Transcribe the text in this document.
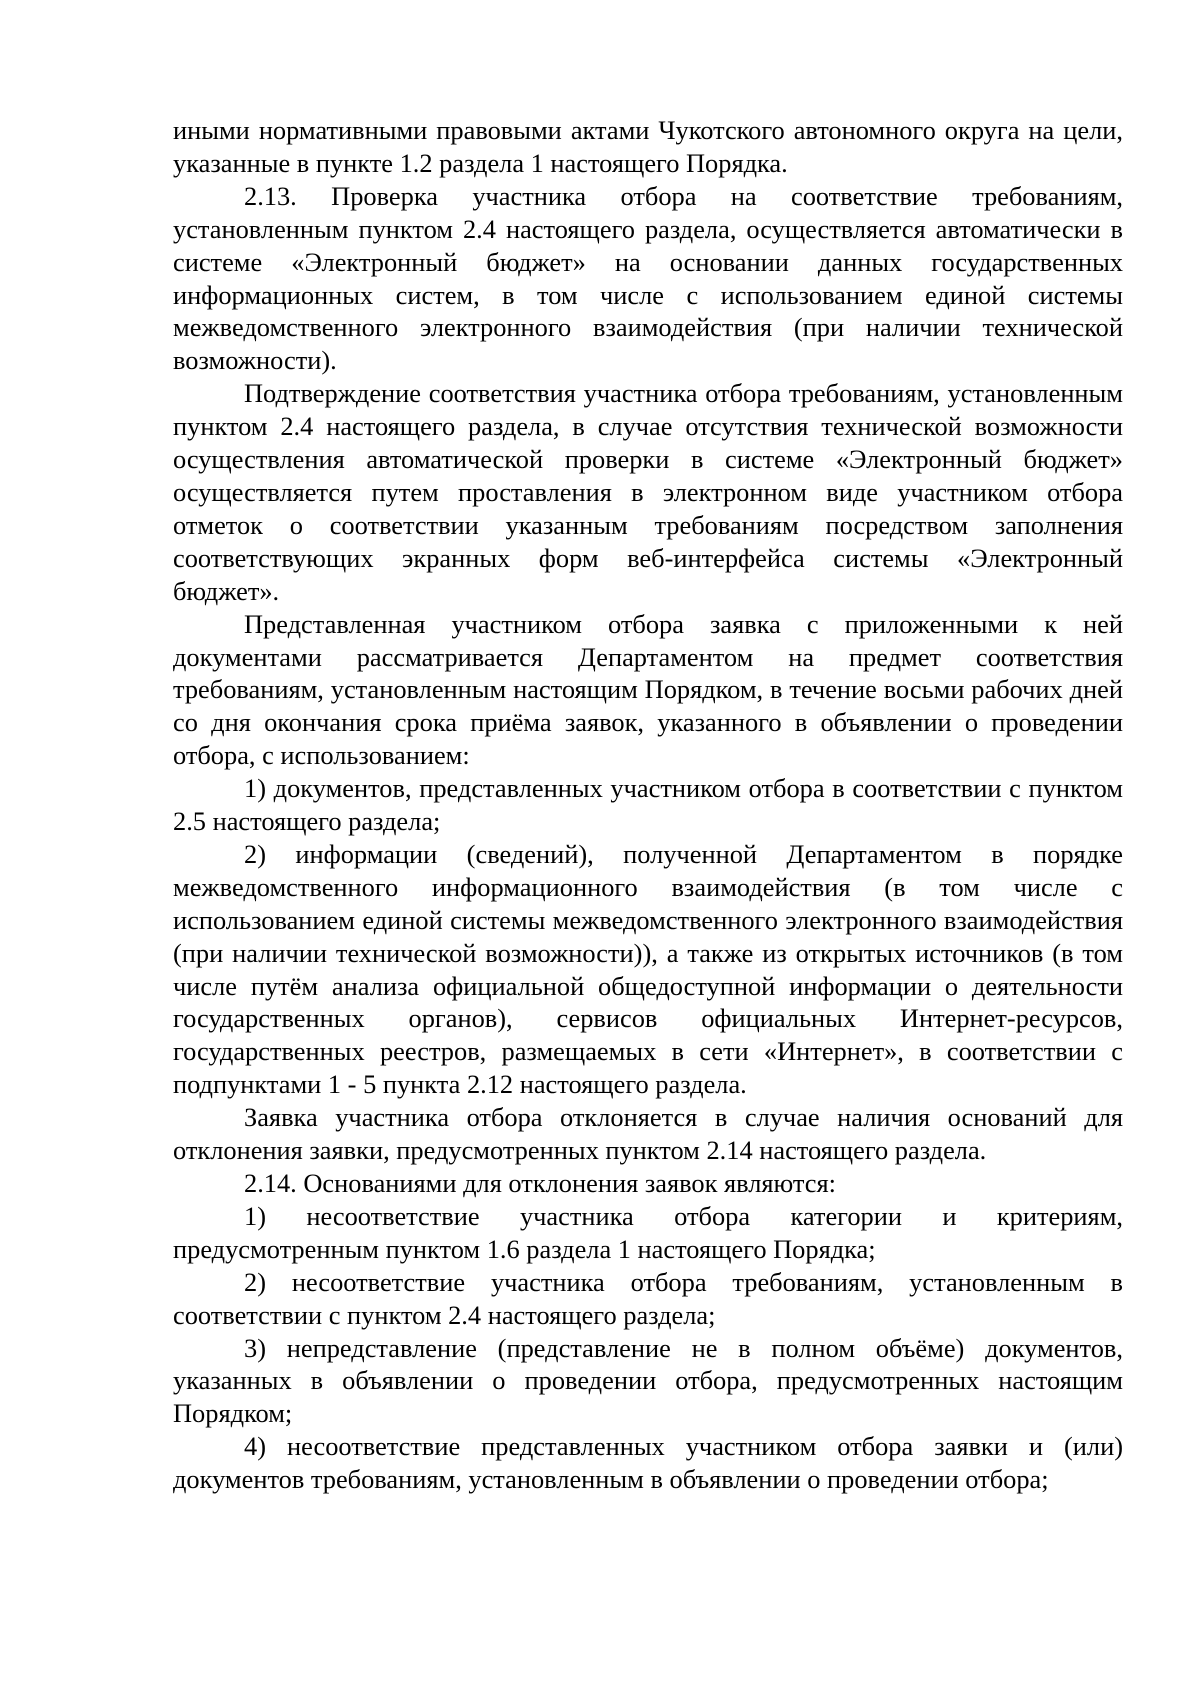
иными нормативными правовыми актами Чукотского автономного округа на цели, указанные в пункте 1.2 раздела 1 настоящего Порядка.

2.13. Проверка участника отбора на соответствие требованиям, установленным пунктом 2.4 настоящего раздела, осуществляется автоматически в системе «Электронный бюджет» на основании данных государственных информационных систем, в том числе с использованием единой системы межведомственного электронного взаимодействия (при наличии технической возможности).

Подтверждение соответствия участника отбора требованиям, установленным пунктом 2.4 настоящего раздела, в случае отсутствия технической возможности осуществления автоматической проверки в системе «Электронный бюджет» осуществляется путем проставления в электронном виде участником отбора отметок о соответствии указанным требованиям посредством заполнения соответствующих экранных форм веб-интерфейса системы «Электронный бюджет».

Представленная участником отбора заявка с приложенными к ней документами рассматривается Департаментом на предмет соответствия требованиям, установленным настоящим Порядком, в течение восьми рабочих дней со дня окончания срока приёма заявок, указанного в объявлении о проведении отбора, с использованием:

1) документов, представленных участником отбора в соответствии с пунктом 2.5 настоящего раздела;

2) информации (сведений), полученной Департаментом в порядке межведомственного информационного взаимодействия (в том числе с использованием единой системы межведомственного электронного взаимодействия (при наличии технической возможности)), а также из открытых источников (в том числе путём анализа официальной общедоступной информации о деятельности государственных органов), сервисов официальных Интернет-ресурсов, государственных реестров, размещаемых в сети «Интернет», в соответствии с подпунктами 1 - 5 пункта 2.12 настоящего раздела.

Заявка участника отбора отклоняется в случае наличия оснований для отклонения заявки, предусмотренных пунктом 2.14 настоящего раздела.

2.14. Основаниями для отклонения заявок являются:

1) несоответствие участника отбора категории и критериям, предусмотренным пунктом 1.6 раздела 1 настоящего Порядка;

2) несоответствие участника отбора требованиям, установленным в соответствии с пунктом 2.4 настоящего раздела;

3) непредставление (представление не в полном объёме) документов, указанных в объявлении о проведении отбора, предусмотренных настоящим Порядком;

4) несоответствие представленных участником отбора заявки и (или) документов требованиям, установленным в объявлении о проведении отбора;
